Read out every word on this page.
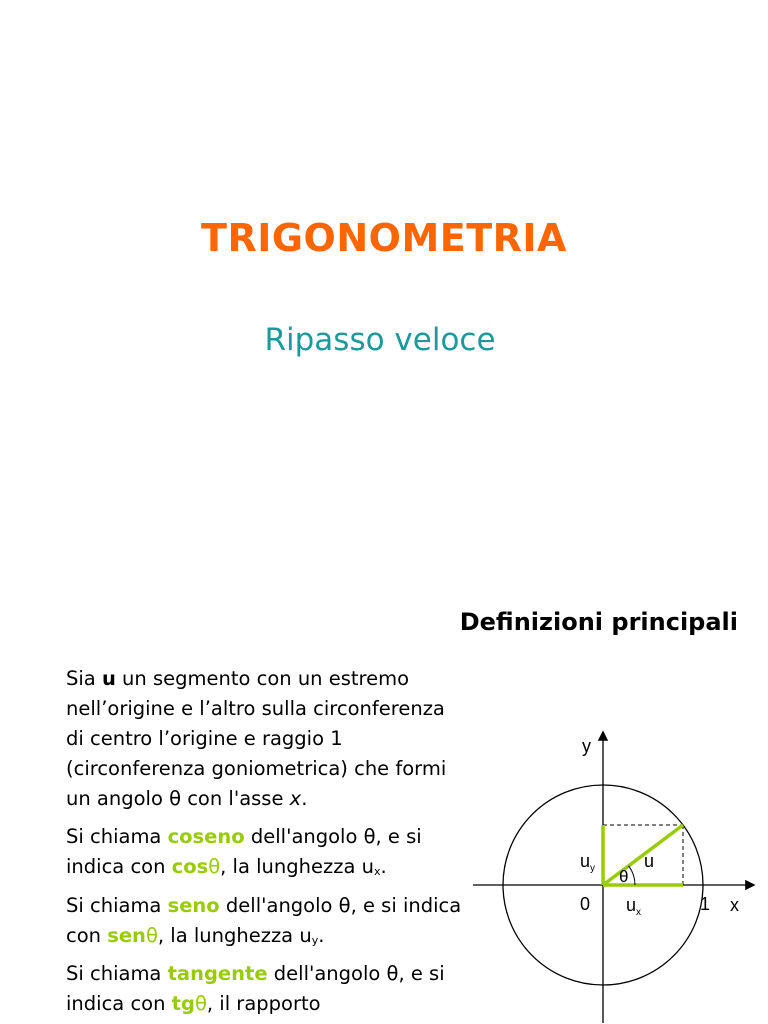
TRIGONOMETRIA
Ripasso veloce
Definizioni principali

Sia u un segmento con un estremo
nell’origine e l’altro sulla circonferenza
di centro l’origine e raggio 1
(circonferenza goniometrica) che formi
un angolo θ con l'asse x.

Si chiama coseno dell'angolo θ, e si
indica con cosθ, la lunghezza ux.

Si chiama seno dell'angolo θ, e si indica
con senθ, la lunghezza uy.

Si chiama tangente dell'angolo θ, e si
indica con tgθ, il rapporto

y
x
0	1
u
θ
$u_y$
$u_x$
